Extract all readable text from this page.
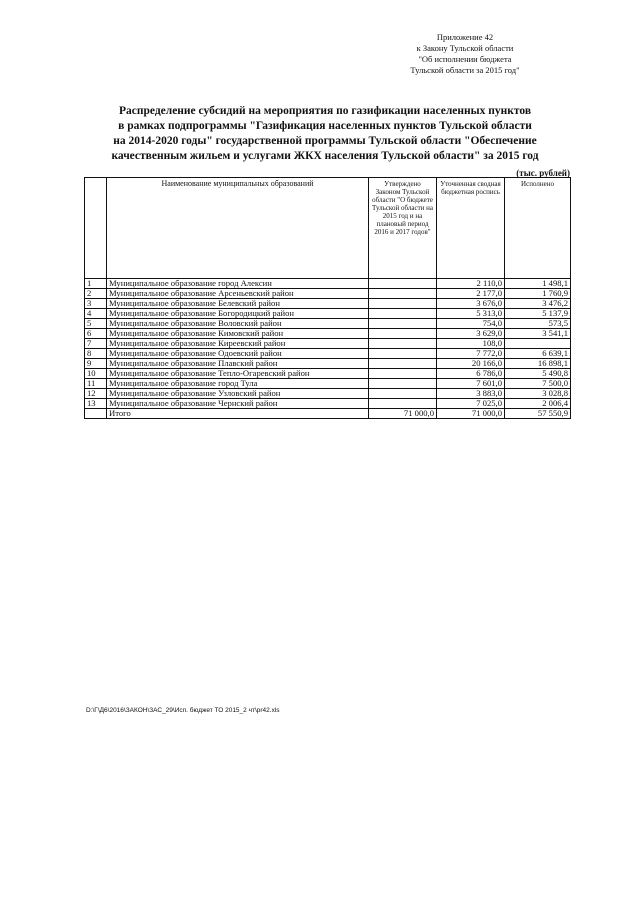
Приложение 42
к Закону Тульской области
"Об исполнении бюджета
Тульской области за 2015 год"
Распределение субсидий на мероприятия по газификации населенных пунктов
в рамках подпрограммы "Газификация населенных пунктов Тульской области
на 2014-2020 годы" государственной программы Тульской области "Обеспечение
качественным жильем и услугами ЖКХ населения Тульской области" за 2015 год
(тыс. рублей)
	Наименование муниципальных образований	Утверждено Законом Тульской области "О бюджете Тульской области на 2015 год и на плановый период 2016 и 2017 годов"	Уточненная сводная бюджетная роспись	Исполнено
1	Муниципальное образование город Алексин		2 110,0	1 498,1
2	Муниципальное образование Арсеньевский район		2 177,0	1 760,9
3	Муниципальное образование Белевский район		3 676,0	3 476,2
4	Муниципальное образование Богородицкий район		5 313,0	5 137,9
5	Муниципальное образование Воловский район		754,0	573,5
6	Муниципальное образование Кимовский район		3 629,0	3 541,1
7	Муниципальное образование Киреевский район		108,0	
8	Муниципальное образование Одоевский район		7 772,0	6 639,1
9	Муниципальное образование Плавский район		20 166,0	16 898,1
10	Муниципальное образование Тепло-Огаревский район		6 786,0	5 490,8
11	Муниципальное образование город Тула		7 601,0	7 500,0
12	Муниципальное образование Узловский район		3 883,0	3 028,8
13	Муниципальное образование Чернский район		7 025,0	2 006,4
	Итого	71 000,0	71 000,0	57 550,9
D:\Г\Д6\2016\ЗАКОН\ЗАС_29\Исп. бюджет ТО 2015_2 чт\pr42.xls
